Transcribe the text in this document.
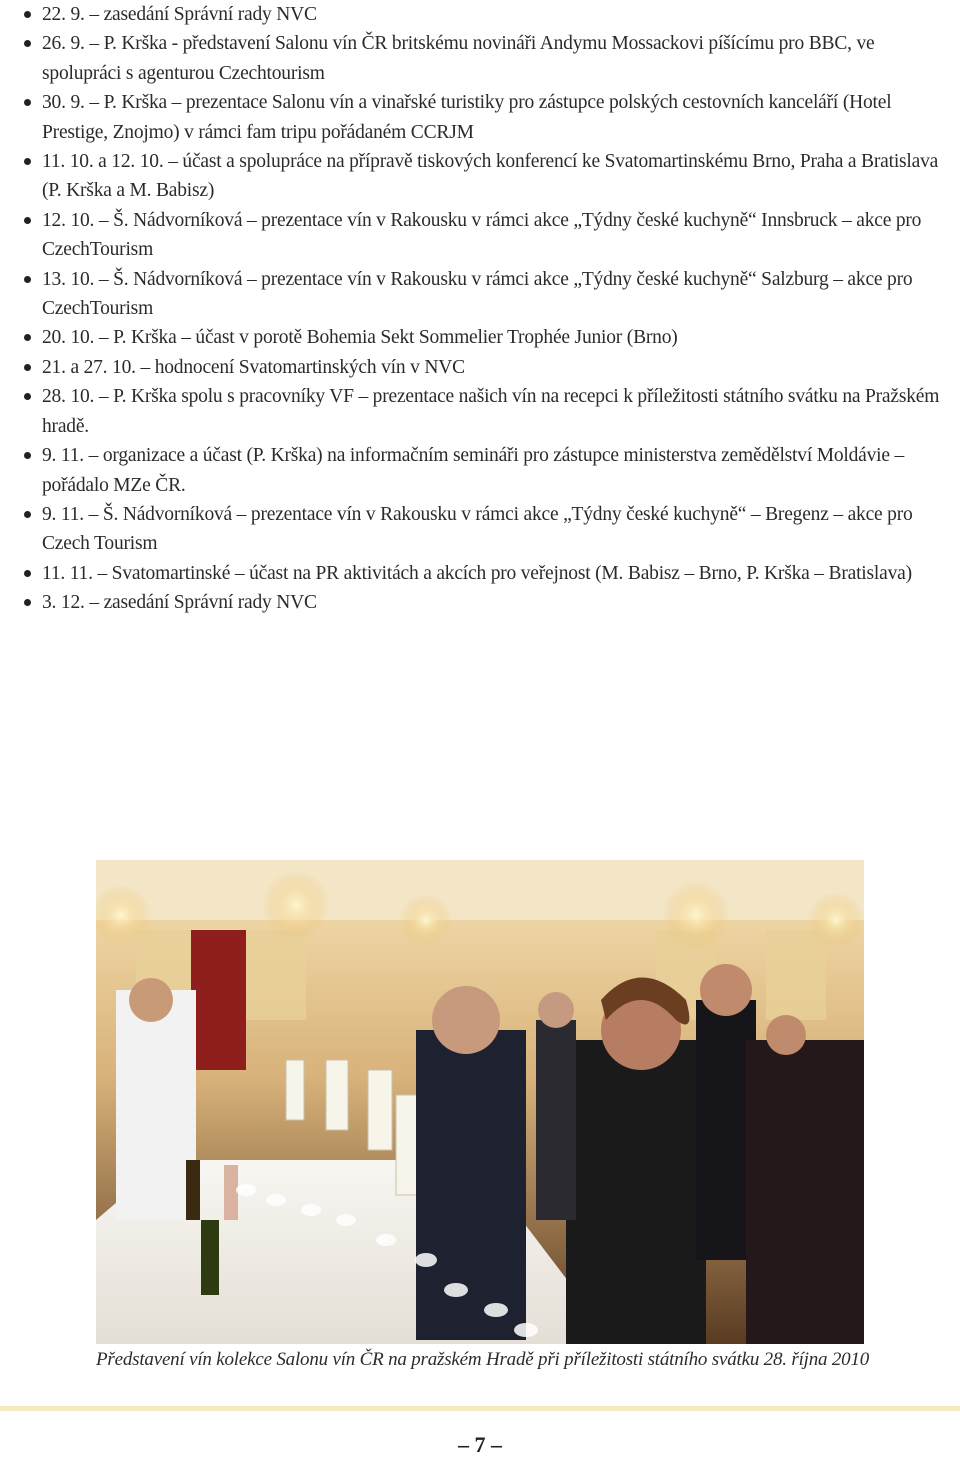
22. 9. – zasedání Správní rady NVC
26. 9. – P. Krška - představení Salonu vín ČR britskému novináři Andymu Mossackovi píšícímu pro BBC, ve spolupráci s agenturou Czechtourism
30. 9. – P. Krška – prezentace Salonu vín a vinařské turistiky pro zástupce polských cestovních kanceláří (Hotel Prestige, Znojmo) v rámci fam tripu pořádaném CCRJM
11. 10. a 12. 10. – účast a spolupráce na přípravě tiskových konferencí ke Svatomartinskému Brno, Praha a Bratislava (P. Krška a M. Babisz)
12. 10. – Š. Nádvorníková – prezentace vín v Rakousku v rámci akce „Týdny české kuchyně“ Innsbruck – akce pro CzechTourism
13. 10. – Š. Nádvorníková – prezentace vín v Rakousku v rámci akce „Týdny české kuchyně“ Salzburg – akce pro CzechTourism
20. 10. – P. Krška – účast v porotě Bohemia Sekt Sommelier Trophée Junior (Brno)
21. a 27. 10. – hodnocení Svatomartinských vín v NVC
28. 10. – P. Krška spolu s pracovníky VF – prezentace našich vín na recepci k příležitosti státního svátku na Pražském hradě.
9. 11. – organizace a účast (P. Krška) na informačním semináři pro zástupce ministerstva zemědělství Moldávie – pořádalo MZe ČR.
9. 11. – Š. Nádvorníková – prezentace vín v Rakousku v rámci akce „Týdny české kuchyně“ – Bregenz – akce pro Czech Tourism
11. 11. – Svatomartinské – účast na PR aktivitách a akcích pro veřejnost (M. Babisz – Brno, P. Krška – Bratislava)
3. 12. – zasedání Správní rady NVC
Představení vín kolekce Salonu vín ČR na pražském Hradě při příležitosti státního svátku 28. října 2010
– 7 –
